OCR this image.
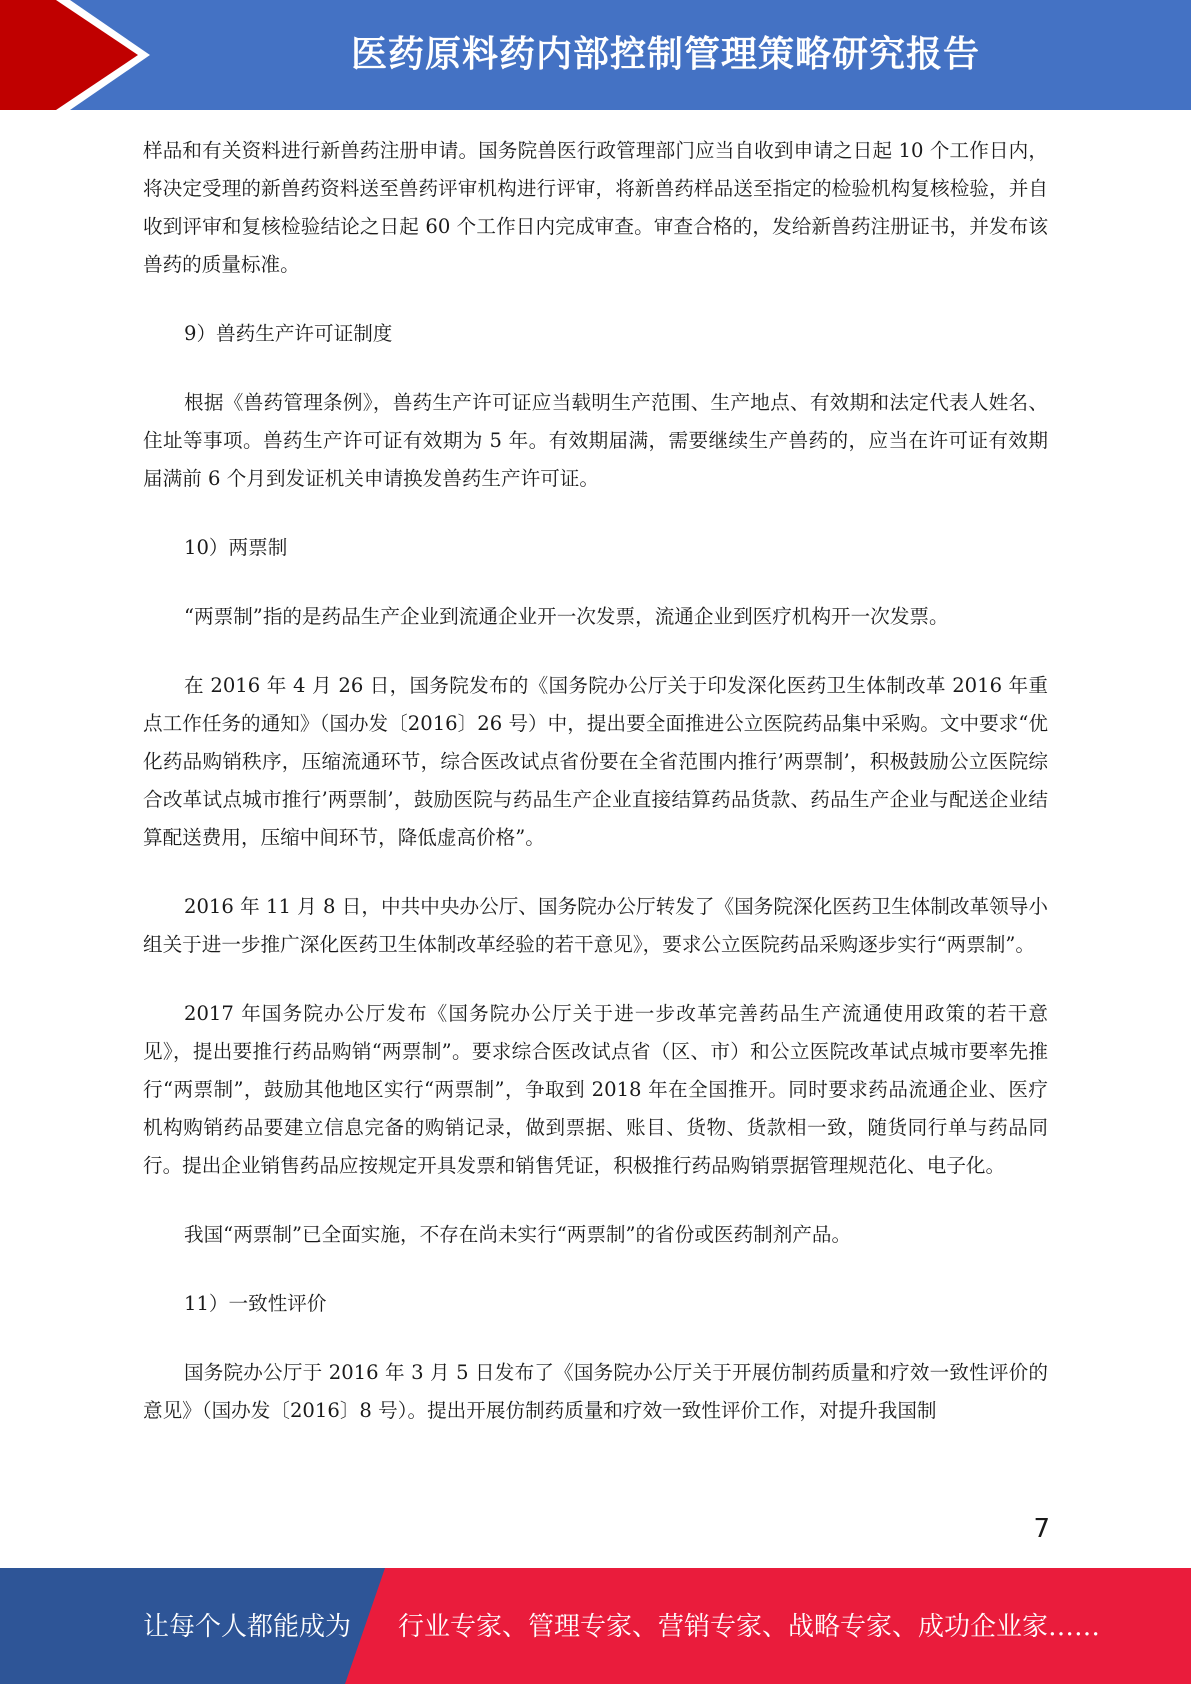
医药原料药内部控制管理策略研究报告

样品和有关资料进行新兽药注册申请。国务院兽医行政管理部门应当自收到申请之日起 10 个工作日内，将决定受理的新兽药资料送至兽药评审机构进行评审，将新兽药样品送至指定的检验机构复核检验，并自收到评审和复核检验结论之日起 60 个工作日内完成审查。审查合格的，发给新兽药注册证书，并发布该兽药的质量标准。

9）兽药生产许可证制度

根据《兽药管理条例》，兽药生产许可证应当载明生产范围、生产地点、有效期和法定代表人姓名、住址等事项。兽药生产许可证有效期为 5 年。有效期届满，需要继续生产兽药的，应当在许可证有效期届满前 6 个月到发证机关申请换发兽药生产许可证。

10）两票制

“两票制”指的是药品生产企业到流通企业开一次发票，流通企业到医疗机构开一次发票。

在 2016 年 4 月 26 日，国务院发布的《国务院办公厅关于印发深化医药卫生体制改革 2016 年重点工作任务的通知》（国办发〔2016〕26 号）中，提出要全面推进公立医院药品集中采购。文中要求“优化药品购销秩序，压缩流通环节，综合医改试点省份要在全省范围内推行’两票制’，积极鼓励公立医院综合改革试点城市推行’两票制’，鼓励医院与药品生产企业直接结算药品货款、药品生产企业与配送企业结算配送费用，压缩中间环节，降低虚高价格”。

2016 年 11 月 8 日，中共中央办公厅、国务院办公厅转发了《国务院深化医药卫生体制改革领导小组关于进一步推广深化医药卫生体制改革经验的若干意见》，要求公立医院药品采购逐步实行“两票制”。

2017 年国务院办公厅发布《国务院办公厅关于进一步改革完善药品生产流通使用政策的若干意见》，提出要推行药品购销“两票制”。要求综合医改试点省（区、市）和公立医院改革试点城市要率先推行“两票制”，鼓励其他地区实行“两票制”，争取到 2018 年在全国推开。同时要求药品流通企业、医疗机构购销药品要建立信息完备的购销记录，做到票据、账目、货物、货款相一致，随货同行单与药品同行。提出企业销售药品应按规定开具发票和销售凭证，积极推行药品购销票据管理规范化、电子化。

我国“两票制”已全面实施，不存在尚未实行“两票制”的省份或医药制剂产品。

11）一致性评价

国务院办公厅于 2016 年 3 月 5 日发布了《国务院办公厅关于开展仿制药质量和疗效一致性评价的意见》（国办发〔2016〕8 号）。提出开展仿制药质量和疗效一致性评价工作，对提升我国制

7
让每个人都能成为 行业专家、管理专家、营销专家、战略专家、成功企业家……
